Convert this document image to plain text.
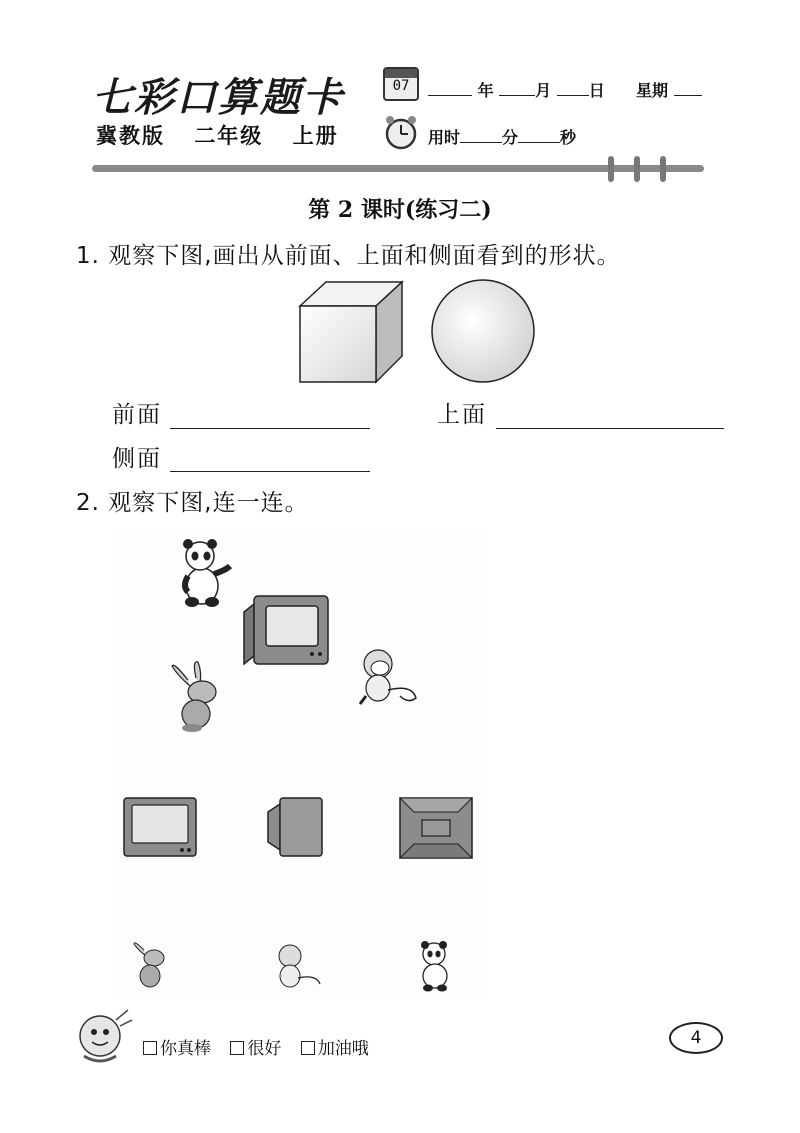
七彩口算题卡
冀教版 二年级 上册
07	年	月 日 星期
用时	分	秒
第 2 课时(练习二)
1. 观察下图,画出从前面、上面和侧面看到的形状。
前面	上面
侧面
2. 观察下图,连一连。
你真棒 很好 加油哦
4
